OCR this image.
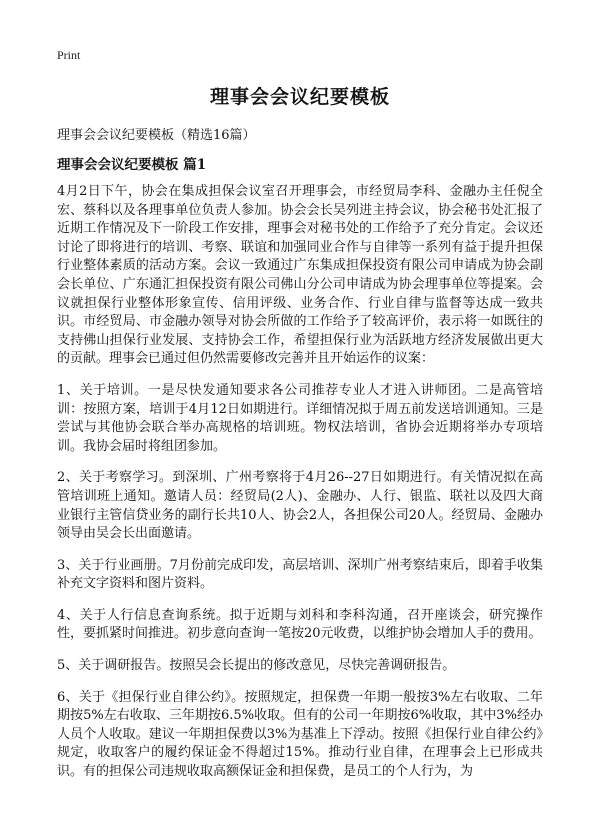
Print
理事会会议纪要模板
理事会会议纪要模板（精选16篇）
理事会会议纪要模板 篇1

4月2日下午，协会在集成担保会议室召开理事会，市经贸局李科、金融办主任倪全宏、蔡科以及各理事单位负责人参加。协会会长吴列进主持会议，协会秘书处汇报了近期工作情况及下一阶段工作安排，理事会对秘书处的工作给予了充分肯定。会议还讨论了即将进行的培训、考察、联谊和加强同业合作与自律等一系列有益于提升担保行业整体素质的活动方案。会议一致通过广东集成担保投资有限公司申请成为协会副会长单位、广东通汇担保投资有限公司佛山分公司申请成为协会理事单位等提案。会议就担保行业整体形象宣传、信用评级、业务合作、行业自律与监督等达成一致共识。市经贸局、市金融办领导对协会所做的工作给予了较高评价，表示将一如既往的支持佛山担保行业发展、支持协会工作，希望担保行业为活跃地方经济发展做出更大的贡献。理事会已通过但仍然需要修改完善并且开始运作的议案：

1、关于培训。一是尽快发通知要求各公司推荐专业人才进入讲师团。二是高管培训：按照方案，培训于4月12日如期进行。详细情况拟于周五前发送培训通知。三是尝试与其他协会联合举办高规格的培训班。物权法培训，省协会近期将举办专项培训。我协会届时将组团参加。

2、关于考察学习。到深圳、广州考察将于4月26--27日如期进行。有关情况拟在高管培训班上通知。邀请人员：经贸局(2人)、金融办、人行、银监、联社以及四大商业银行主管信贷业务的副行长共10人、协会2人，各担保公司20人。经贸局、金融办领导由吴会长出面邀请。

3、关于行业画册。7月份前完成印发，高层培训、深圳广州考察结束后，即着手收集补充文字资料和图片资料。

4、关于人行信息查询系统。拟于近期与刘科和李科沟通，召开座谈会，研究操作性，要抓紧时间推进。初步意向查询一笔按20元收费，以维护协会增加人手的费用。

5、关于调研报告。按照吴会长提出的修改意见，尽快完善调研报告。

6、关于《担保行业自律公约》。按照规定，担保费一年期一般按3%左右收取、二年期按5%左右收取、三年期按6.5%收取。但有的公司一年期按6%收取，其中3%经办人员个人收取。建议一年期担保费以3%为基准上下浮动。按照《担保行业自律公约》规定，收取客户的履约保证金不得超过15%。推动行业自律，在理事会上已形成共识。有的担保公司违规收取高额保证金和担保费，是员工的个人行为，为
